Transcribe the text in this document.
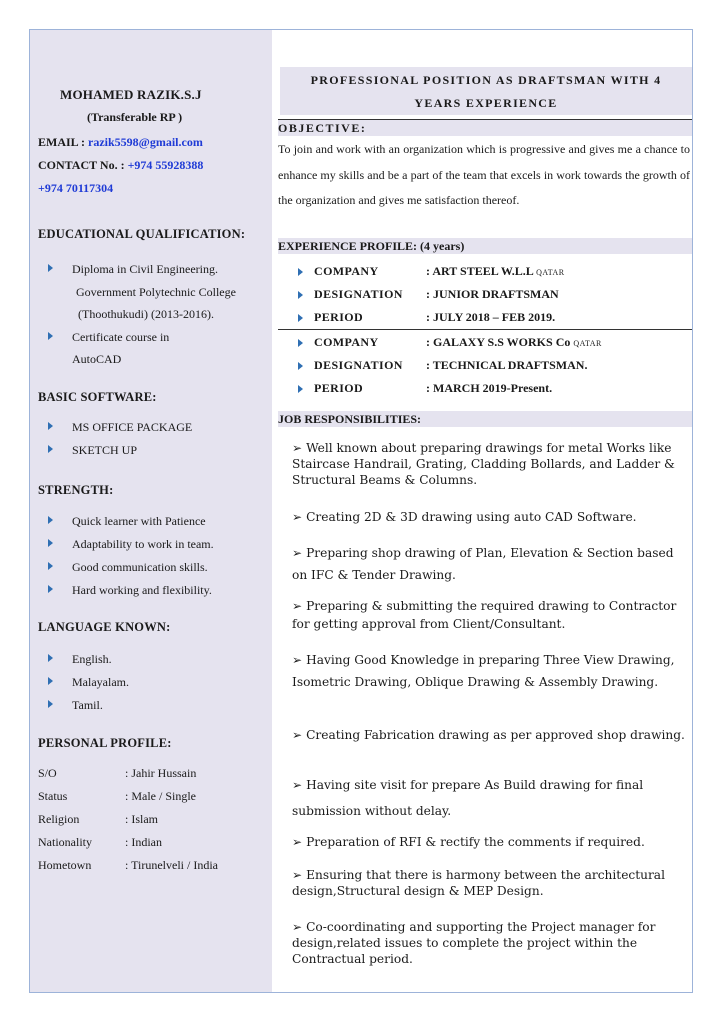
MOHAMED RAZIK.S.J
(Transferable RP )
EMAIL : razik5598@gmail.com
CONTACT No. : +974 55928388
+974 70117304
EDUCATIONAL QUALIFICATION:
Diploma in Civil Engineering.
Government Polytechnic College
(Thoothukudi) (2013-2016).
Certificate course in
AutoCAD
BASIC SOFTWARE:
MS OFFICE PACKAGE
SKETCH UP
STRENGTH:
Quick learner with Patience
Adaptability to work in team.
Good communication skills.
Hard working and flexibility.
LANGUAGE KNOWN:
English.
Malayalam.
Tamil.
PERSONAL PROFILE:
S/O	: Jahir Hussain
Status	: Male / Single
Religion	: Islam
Nationality	: Indian
Hometown	: Tirunelveli / India
PROFESSIONAL POSITION AS DRAFTSMAN WITH 4
YEARS EXPERIENCE
OBJECTIVE:
To join and work with an organization which is progressive and gives me a chance to enhance my skills and be a part of the team that excels in work towards the growth of the organization and gives me satisfaction thereof.
EXPERIENCE PROFILE: (4 years)
COMPANY	: ART STEEL W.L.L QATAR
DESIGNATION : JUNIOR DRAFTSMAN
PERIOD	: JULY 2018 – FEB 2019.
COMPANY	: GALAXY S.S WORKS Co QATAR
DESIGNATION : TECHNICAL DRAFTSMAN.
PERIOD	: MARCH 2019-Present.
JOB RESPONSIBILITIES:
➢ Well known about preparing drawings for metal Works like Staircase Handrail, Grating, Cladding Bollards, and Ladder & Structural Beams & Columns.
➢ Creating 2D & 3D drawing using auto CAD Software.
➢ Preparing shop drawing of Plan, Elevation & Section based on IFC & Tender Drawing.
➢ Preparing & submitting the required drawing to Contractor for getting approval from Client/Consultant.
➢ Having Good Knowledge in preparing Three View Drawing, Isometric Drawing, Oblique Drawing & Assembly Drawing.
➢ Creating Fabrication drawing as per approved shop drawing.
➢ Having site visit for prepare As Build drawing for final submission without delay.
➢ Preparation of RFI & rectify the comments if required.
➢ Ensuring that there is harmony between the architectural design,Structural design & MEP Design.
➢ Co-coordinating and supporting the Project manager for design,related issues to complete the project within the Contractual period.
